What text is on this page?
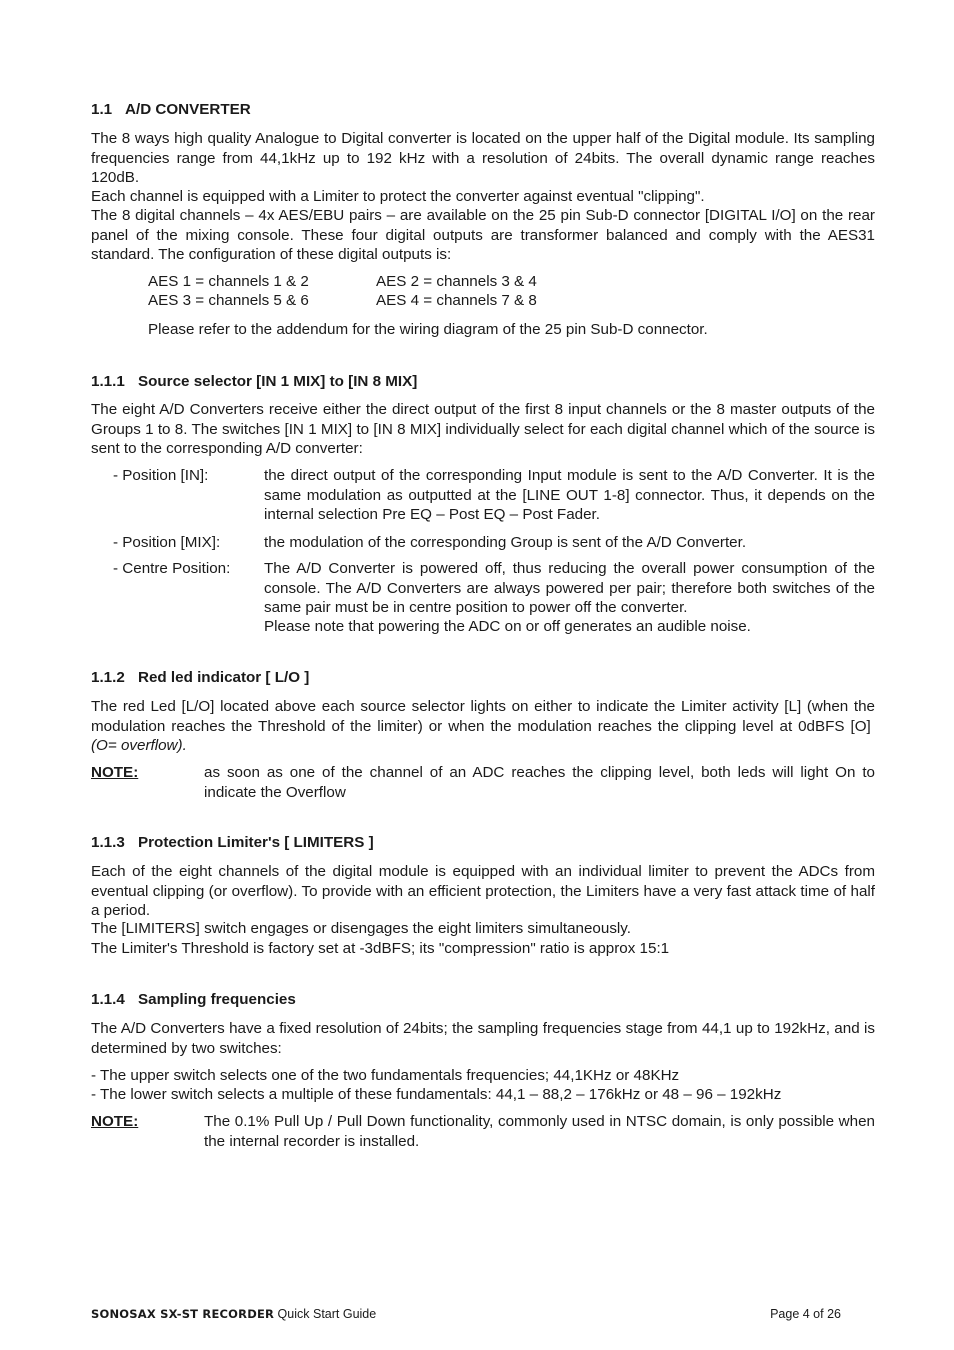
1.1 A/D CONVERTER
The 8 ways high quality Analogue to Digital converter is located on the upper half of the Digital module. Its sampling frequencies range from 44,1kHz up to 192 kHz with a resolution of 24bits. The overall dynamic range reaches 120dB.
Each channel is equipped with a Limiter to protect the converter against eventual "clipping".
The 8 digital channels – 4x AES/EBU pairs – are available on the 25 pin Sub-D connector [DIGITAL I/O] on the rear panel of the mixing console. These four digital outputs are transformer balanced and comply with the AES31 standard. The configuration of these digital outputs is:
AES 1 = channels 1 & 2	AES 2 = channels 3 & 4
AES 3 = channels 5 & 6	AES 4 = channels 7 & 8
Please refer to the addendum for the wiring diagram of the 25 pin Sub-D connector.
1.1.1 Source selector [IN 1 MIX] to [IN 8 MIX]
The eight A/D Converters receive either the direct output of the first 8 input channels or the 8 master outputs of the Groups 1 to 8. The switches [IN 1 MIX] to [IN 8 MIX] individually select for each digital channel which of the source is sent to the corresponding A/D converter:
- Position [IN]:	the direct output of the corresponding Input module is sent to the A/D Converter. It is the same modulation as outputted at the [LINE OUT 1-8] connector. Thus, it depends on the internal selection Pre EQ – Post EQ – Post Fader.
- Position [MIX]:	the modulation of the corresponding Group is sent of the A/D Converter.
- Centre Position: The A/D Converter is powered off, thus reducing the overall power consumption of the console. The A/D Converters are always powered per pair; therefore both switches of the same pair must be in centre position to power off the converter.
Please note that powering the ADC on or off generates an audible noise.
1.1.2 Red led indicator [ L/O ]
The red Led [L/O] located above each source selector lights on either to indicate the Limiter activity [L] (when the modulation reaches the Threshold of the limiter) or when the modulation reaches the clipping level at 0dBFS [O]  (O= overflow).
NOTE:	as soon as one of the channel of an ADC reaches the clipping level, both leds will light On to indicate the Overflow
1.1.3 Protection Limiter's [ LIMITERS ]
Each of the eight channels of the digital module is equipped with an individual limiter to prevent the ADCs from eventual clipping (or overflow). To provide with an efficient protection, the Limiters have a very fast attack time of half a period.
The [LIMITERS] switch engages or disengages the eight limiters simultaneously.
The Limiter's Threshold is factory set at -3dBFS; its "compression" ratio is approx 15:1
1.1.4 Sampling frequencies
The A/D Converters have a fixed resolution of 24bits; the sampling frequencies stage from 44,1 up to 192kHz, and is determined by two switches:
- The upper switch selects one of the two fundamentals frequencies; 44,1KHz or 48KHz
- The lower switch selects a multiple of these fundamentals: 44,1 – 88,2 – 176kHz or 48 – 96 – 192kHz
NOTE:	The 0.1% Pull Up / Pull Down functionality, commonly used in NTSC domain, is only possible when the internal recorder is installed.
SONOSAX SX-ST RECORDER Quick Start Guide	Page 4 of 26
